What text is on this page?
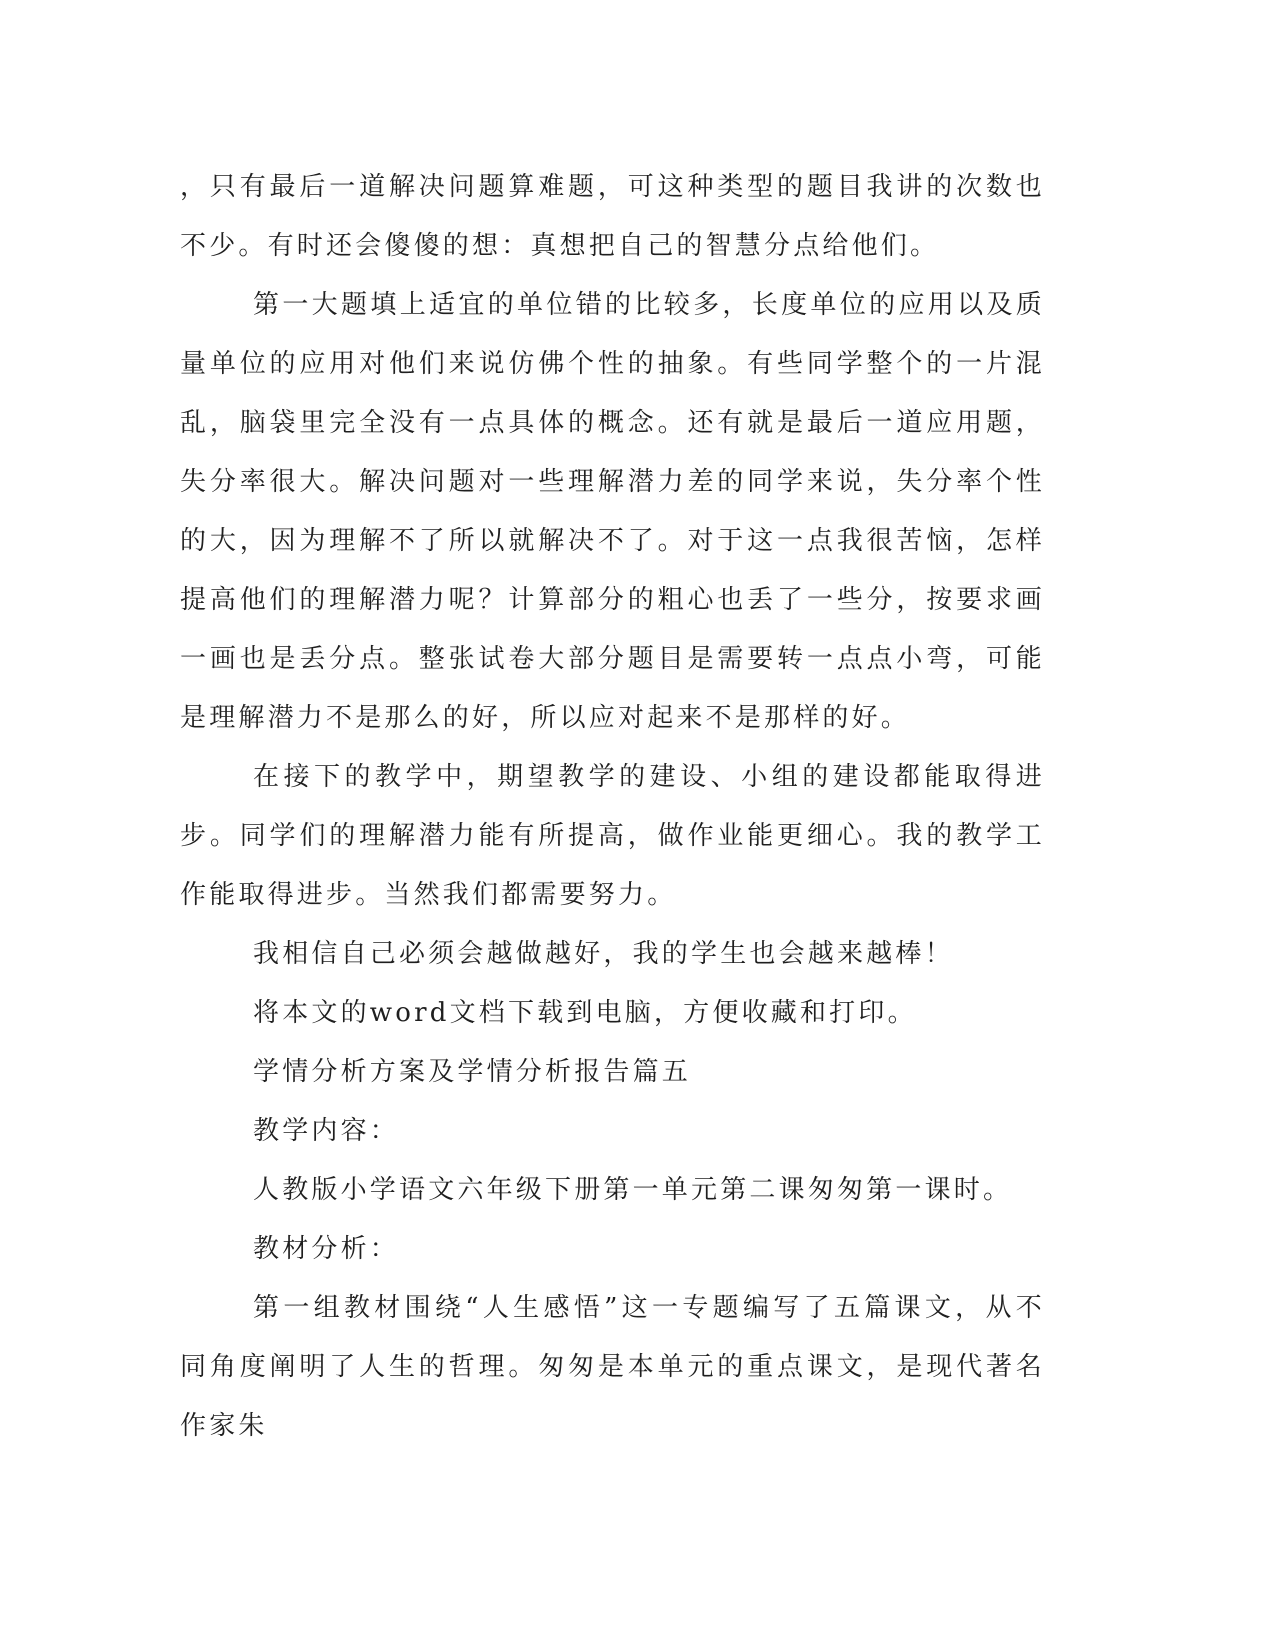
，只有最后一道解决问题算难题，可这种类型的题目我讲的次数也不少。有时还会傻傻的想：真想把自己的智慧分点给他们。

第一大题填上适宜的单位错的比较多，长度单位的应用以及质量单位的应用对他们来说仿佛个性的抽象。有些同学整个的一片混乱，脑袋里完全没有一点具体的概念。还有就是最后一道应用题，失分率很大。解决问题对一些理解潜力差的同学来说，失分率个性的大，因为理解不了所以就解决不了。对于这一点我很苦恼，怎样提高他们的理解潜力呢？计算部分的粗心也丢了一些分，按要求画一画也是丢分点。整张试卷大部分题目是需要转一点点小弯，可能是理解潜力不是那么的好，所以应对起来不是那样的好。

在接下的教学中，期望教学的建设、小组的建设都能取得进步。同学们的理解潜力能有所提高，做作业能更细心。我的教学工作能取得进步。当然我们都需要努力。

我相信自己必须会越做越好，我的学生也会越来越棒！

将本文的word文档下载到电脑，方便收藏和打印。

学情分析方案及学情分析报告篇五

教学内容：

人教版小学语文六年级下册第一单元第二课匆匆第一课时。

教材分析：

第一组教材围绕“人生感悟”这一专题编写了五篇课文，从不同角度阐明了人生的哲理。匆匆是本单元的重点课文，是现代著名作家朱
